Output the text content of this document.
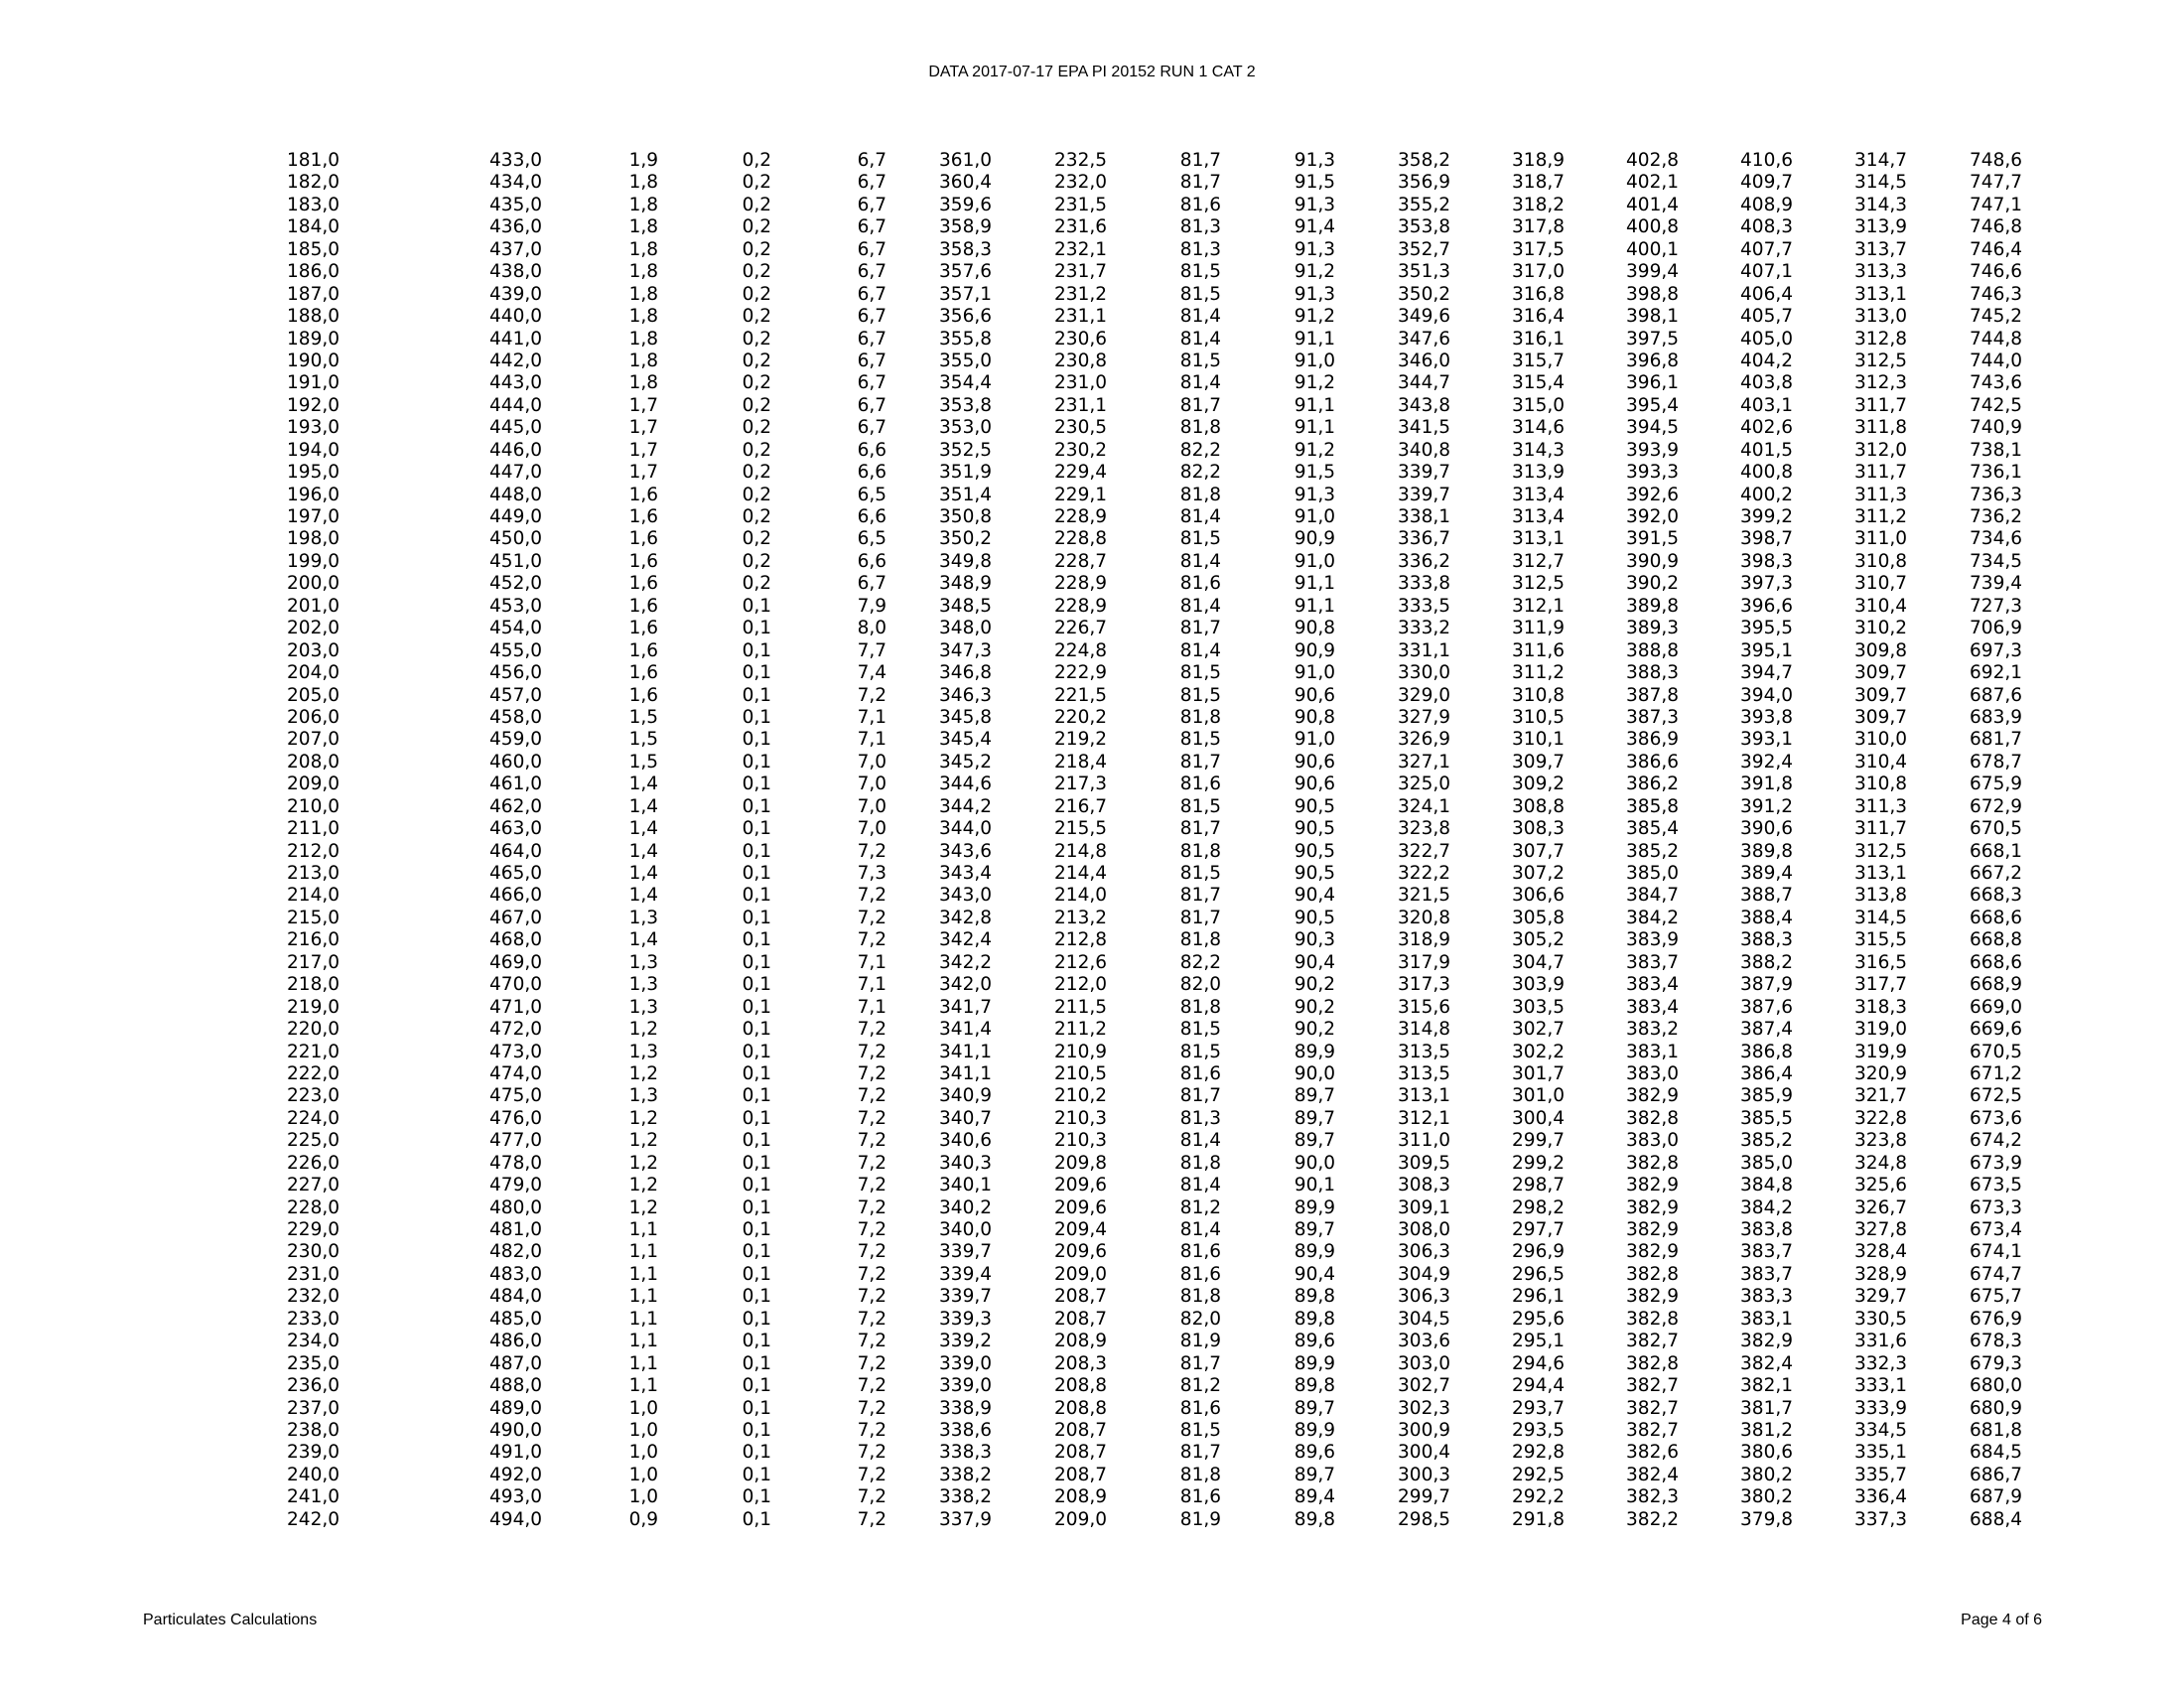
DATA 2017-07-17 EPA PI 20152 RUN 1 CAT 2
181,0	433,0	1,9	0,2	6,7	361,0	232,5	81,7	91,3	358,2	318,9	402,8	410,6	314,7	748,6
182,0	434,0	1,8	0,2	6,7	360,4	232,0	81,7	91,5	356,9	318,7	402,1	409,7	314,5	747,7
183,0	435,0	1,8	0,2	6,7	359,6	231,5	81,6	91,3	355,2	318,2	401,4	408,9	314,3	747,1
184,0	436,0	1,8	0,2	6,7	358,9	231,6	81,3	91,4	353,8	317,8	400,8	408,3	313,9	746,8
185,0	437,0	1,8	0,2	6,7	358,3	232,1	81,3	91,3	352,7	317,5	400,1	407,7	313,7	746,4
186,0	438,0	1,8	0,2	6,7	357,6	231,7	81,5	91,2	351,3	317,0	399,4	407,1	313,3	746,6
187,0	439,0	1,8	0,2	6,7	357,1	231,2	81,5	91,3	350,2	316,8	398,8	406,4	313,1	746,3
188,0	440,0	1,8	0,2	6,7	356,6	231,1	81,4	91,2	349,6	316,4	398,1	405,7	313,0	745,2
189,0	441,0	1,8	0,2	6,7	355,8	230,6	81,4	91,1	347,6	316,1	397,5	405,0	312,8	744,8
190,0	442,0	1,8	0,2	6,7	355,0	230,8	81,5	91,0	346,0	315,7	396,8	404,2	312,5	744,0
191,0	443,0	1,8	0,2	6,7	354,4	231,0	81,4	91,2	344,7	315,4	396,1	403,8	312,3	743,6
192,0	444,0	1,7	0,2	6,7	353,8	231,1	81,7	91,1	343,8	315,0	395,4	403,1	311,7	742,5
193,0	445,0	1,7	0,2	6,7	353,0	230,5	81,8	91,1	341,5	314,6	394,5	402,6	311,8	740,9
194,0	446,0	1,7	0,2	6,6	352,5	230,2	82,2	91,2	340,8	314,3	393,9	401,5	312,0	738,1
195,0	447,0	1,7	0,2	6,6	351,9	229,4	82,2	91,5	339,7	313,9	393,3	400,8	311,7	736,1
196,0	448,0	1,6	0,2	6,5	351,4	229,1	81,8	91,3	339,7	313,4	392,6	400,2	311,3	736,3
197,0	449,0	1,6	0,2	6,6	350,8	228,9	81,4	91,0	338,1	313,4	392,0	399,2	311,2	736,2
198,0	450,0	1,6	0,2	6,5	350,2	228,8	81,5	90,9	336,7	313,1	391,5	398,7	311,0	734,6
199,0	451,0	1,6	0,2	6,6	349,8	228,7	81,4	91,0	336,2	312,7	390,9	398,3	310,8	734,5
200,0	452,0	1,6	0,2	6,7	348,9	228,9	81,6	91,1	333,8	312,5	390,2	397,3	310,7	739,4
201,0	453,0	1,6	0,1	7,9	348,5	228,9	81,4	91,1	333,5	312,1	389,8	396,6	310,4	727,3
202,0	454,0	1,6	0,1	8,0	348,0	226,7	81,7	90,8	333,2	311,9	389,3	395,5	310,2	706,9
203,0	455,0	1,6	0,1	7,7	347,3	224,8	81,4	90,9	331,1	311,6	388,8	395,1	309,8	697,3
204,0	456,0	1,6	0,1	7,4	346,8	222,9	81,5	91,0	330,0	311,2	388,3	394,7	309,7	692,1
205,0	457,0	1,6	0,1	7,2	346,3	221,5	81,5	90,6	329,0	310,8	387,8	394,0	309,7	687,6
206,0	458,0	1,5	0,1	7,1	345,8	220,2	81,8	90,8	327,9	310,5	387,3	393,8	309,7	683,9
207,0	459,0	1,5	0,1	7,1	345,4	219,2	81,5	91,0	326,9	310,1	386,9	393,1	310,0	681,7
208,0	460,0	1,5	0,1	7,0	345,2	218,4	81,7	90,6	327,1	309,7	386,6	392,4	310,4	678,7
209,0	461,0	1,4	0,1	7,0	344,6	217,3	81,6	90,6	325,0	309,2	386,2	391,8	310,8	675,9
210,0	462,0	1,4	0,1	7,0	344,2	216,7	81,5	90,5	324,1	308,8	385,8	391,2	311,3	672,9
211,0	463,0	1,4	0,1	7,0	344,0	215,5	81,7	90,5	323,8	308,3	385,4	390,6	311,7	670,5
212,0	464,0	1,4	0,1	7,2	343,6	214,8	81,8	90,5	322,7	307,7	385,2	389,8	312,5	668,1
213,0	465,0	1,4	0,1	7,3	343,4	214,4	81,5	90,5	322,2	307,2	385,0	389,4	313,1	667,2
214,0	466,0	1,4	0,1	7,2	343,0	214,0	81,7	90,4	321,5	306,6	384,7	388,7	313,8	668,3
215,0	467,0	1,3	0,1	7,2	342,8	213,2	81,7	90,5	320,8	305,8	384,2	388,4	314,5	668,6
216,0	468,0	1,4	0,1	7,2	342,4	212,8	81,8	90,3	318,9	305,2	383,9	388,3	315,5	668,8
217,0	469,0	1,3	0,1	7,1	342,2	212,6	82,2	90,4	317,9	304,7	383,7	388,2	316,5	668,6
218,0	470,0	1,3	0,1	7,1	342,0	212,0	82,0	90,2	317,3	303,9	383,4	387,9	317,7	668,9
219,0	471,0	1,3	0,1	7,1	341,7	211,5	81,8	90,2	315,6	303,5	383,4	387,6	318,3	669,0
220,0	472,0	1,2	0,1	7,2	341,4	211,2	81,5	90,2	314,8	302,7	383,2	387,4	319,0	669,6
221,0	473,0	1,3	0,1	7,2	341,1	210,9	81,5	89,9	313,5	302,2	383,1	386,8	319,9	670,5
222,0	474,0	1,2	0,1	7,2	341,1	210,5	81,6	90,0	313,5	301,7	383,0	386,4	320,9	671,2
223,0	475,0	1,3	0,1	7,2	340,9	210,2	81,7	89,7	313,1	301,0	382,9	385,9	321,7	672,5
224,0	476,0	1,2	0,1	7,2	340,7	210,3	81,3	89,7	312,1	300,4	382,8	385,5	322,8	673,6
225,0	477,0	1,2	0,1	7,2	340,6	210,3	81,4	89,7	311,0	299,7	383,0	385,2	323,8	674,2
226,0	478,0	1,2	0,1	7,2	340,3	209,8	81,8	90,0	309,5	299,2	382,8	385,0	324,8	673,9
227,0	479,0	1,2	0,1	7,2	340,1	209,6	81,4	90,1	308,3	298,7	382,9	384,8	325,6	673,5
228,0	480,0	1,2	0,1	7,2	340,2	209,6	81,2	89,9	309,1	298,2	382,9	384,2	326,7	673,3
229,0	481,0	1,1	0,1	7,2	340,0	209,4	81,4	89,7	308,0	297,7	382,9	383,8	327,8	673,4
230,0	482,0	1,1	0,1	7,2	339,7	209,6	81,6	89,9	306,3	296,9	382,9	383,7	328,4	674,1
231,0	483,0	1,1	0,1	7,2	339,4	209,0	81,6	90,4	304,9	296,5	382,8	383,7	328,9	674,7
232,0	484,0	1,1	0,1	7,2	339,7	208,7	81,8	89,8	306,3	296,1	382,9	383,3	329,7	675,7
233,0	485,0	1,1	0,1	7,2	339,3	208,7	82,0	89,8	304,5	295,6	382,8	383,1	330,5	676,9
234,0	486,0	1,1	0,1	7,2	339,2	208,9	81,9	89,6	303,6	295,1	382,7	382,9	331,6	678,3
235,0	487,0	1,1	0,1	7,2	339,0	208,3	81,7	89,9	303,0	294,6	382,8	382,4	332,3	679,3
236,0	488,0	1,1	0,1	7,2	339,0	208,8	81,2	89,8	302,7	294,4	382,7	382,1	333,1	680,0
237,0	489,0	1,0	0,1	7,2	338,9	208,8	81,6	89,7	302,3	293,7	382,7	381,7	333,9	680,9
238,0	490,0	1,0	0,1	7,2	338,6	208,7	81,5	89,9	300,9	293,5	382,7	381,2	334,5	681,8
239,0	491,0	1,0	0,1	7,2	338,3	208,7	81,7	89,6	300,4	292,8	382,6	380,6	335,1	684,5
240,0	492,0	1,0	0,1	7,2	338,2	208,7	81,8	89,7	300,3	292,5	382,4	380,2	335,7	686,7
241,0	493,0	1,0	0,1	7,2	338,2	208,9	81,6	89,4	299,7	292,2	382,3	380,2	336,4	687,9
242,0	494,0	0,9	0,1	7,2	337,9	209,0	81,9	89,8	298,5	291,8	382,2	379,8	337,3	688,4
Particulates Calculations	Page 4 of 6
